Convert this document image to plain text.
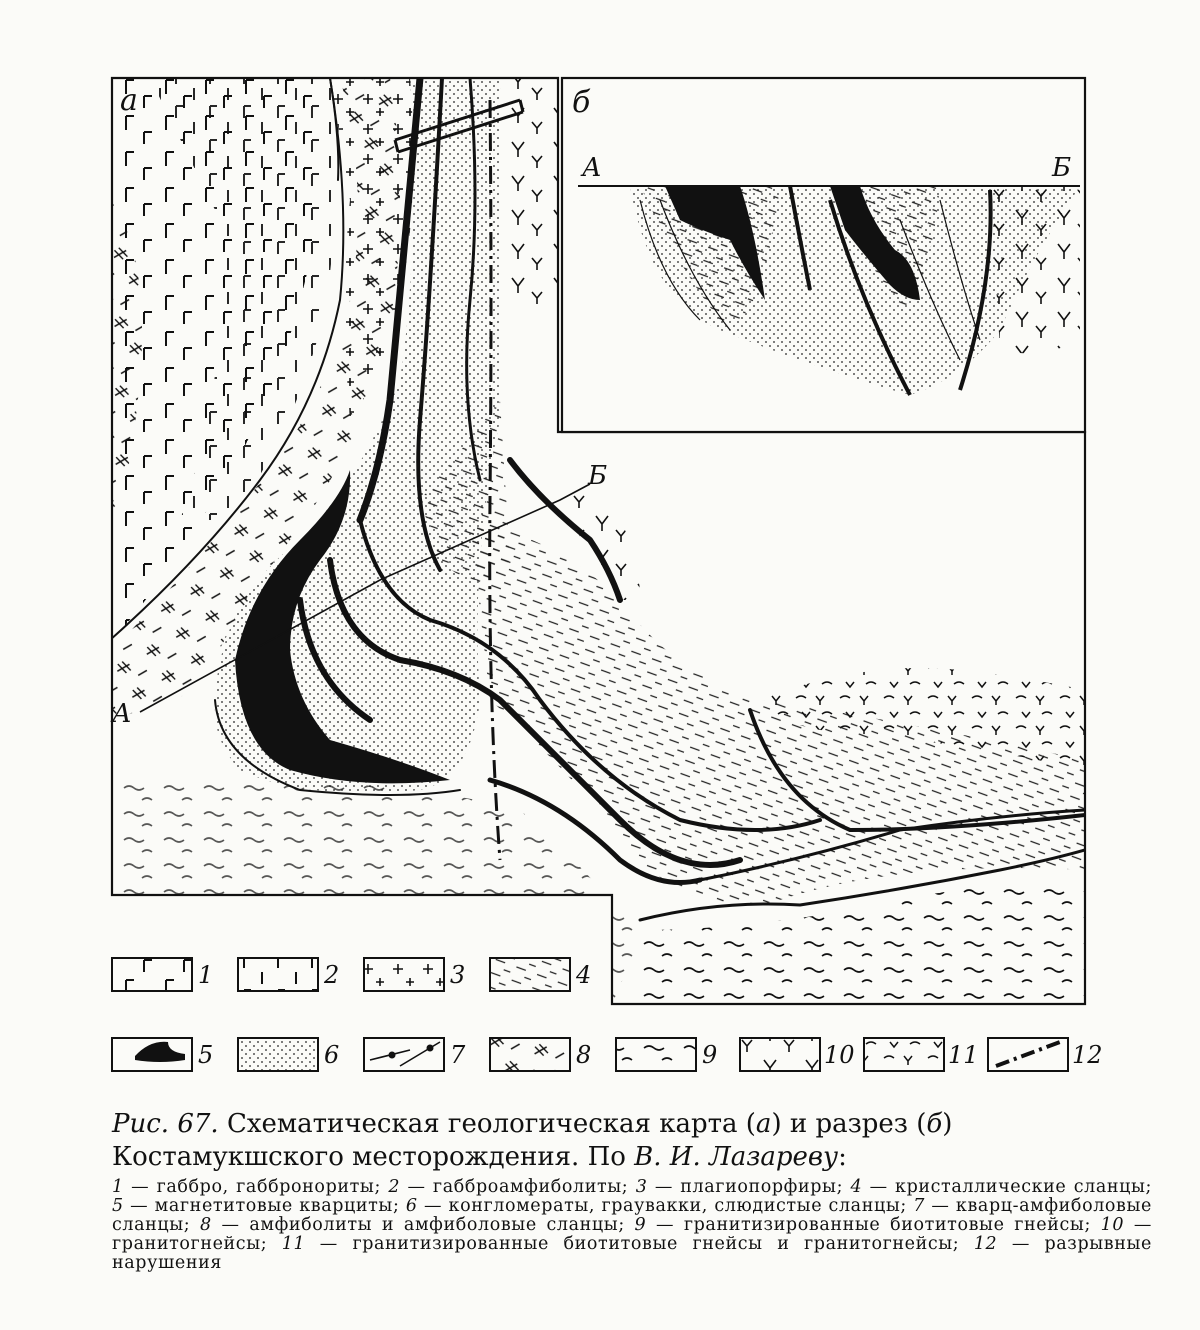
а
А
Б
б
А	Б
1	2	3	4
5	6	7	8	9	10	11	12
Рис. 67. Схематическая геологическая карта (а) и разрез (б) Костамукшского месторождения. По В. И. Лазареву:
1 — габбро, габбронориты; 2 — габброамфиболиты; 3 — плагиопорфиры; 4 — кристаллические сланцы; 5 — магнетитовые кварциты; 6 — конгломераты, граувакки, слюдистые сланцы; 7 — кварц-амфиболовые сланцы; 8 — амфиболиты и амфиболовые сланцы; 9 — гранитизированные биотитовые гнейсы; 10 — гранитогнейсы; 11 — гранитизированные биотитовые гнейсы и гранитогнейсы; 12 — разрывные нарушения
